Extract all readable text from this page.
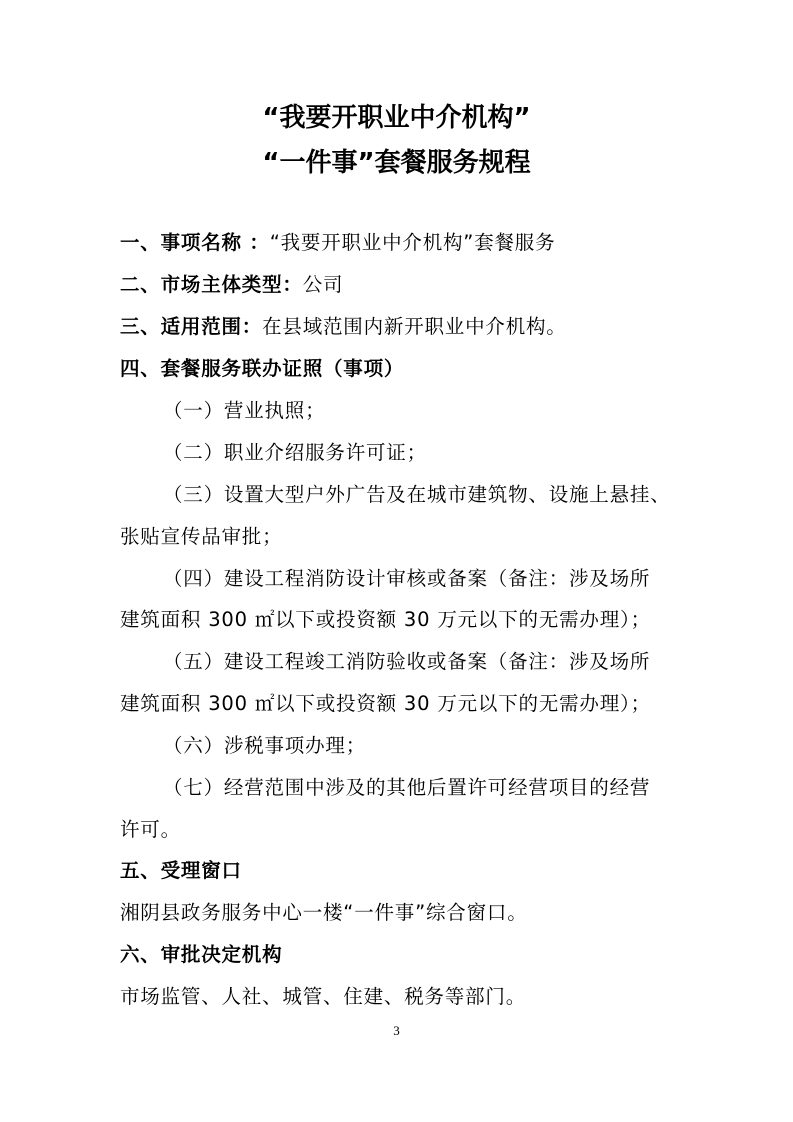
“我要开职业中介机构”
“一件事”套餐服务规程
一、事项名称 ：“我要开职业中介机构”套餐服务
二、市场主体类型：公司
三、适用范围：在县域范围内新开职业中介机构。
四、套餐服务联办证照（事项）
（一）营业执照；
（二）职业介绍服务许可证；
（三）设置大型户外广告及在城市建筑物、设施上悬挂、
张贴宣传品审批；
（四）建设工程消防设计审核或备案（备注：涉及场所
建筑面积 300 ㎡以下或投资额 30 万元以下的无需办理）；
（五）建设工程竣工消防验收或备案（备注：涉及场所
建筑面积 300 ㎡以下或投资额 30 万元以下的无需办理）；
（六）涉税事项办理；
（七）经营范围中涉及的其他后置许可经营项目的经营
许可。
五、受理窗口
湘阴县政务服务中心一楼“一件事”综合窗口。
六、审批决定机构
市场监管、人社、城管、住建、税务等部门。
3
